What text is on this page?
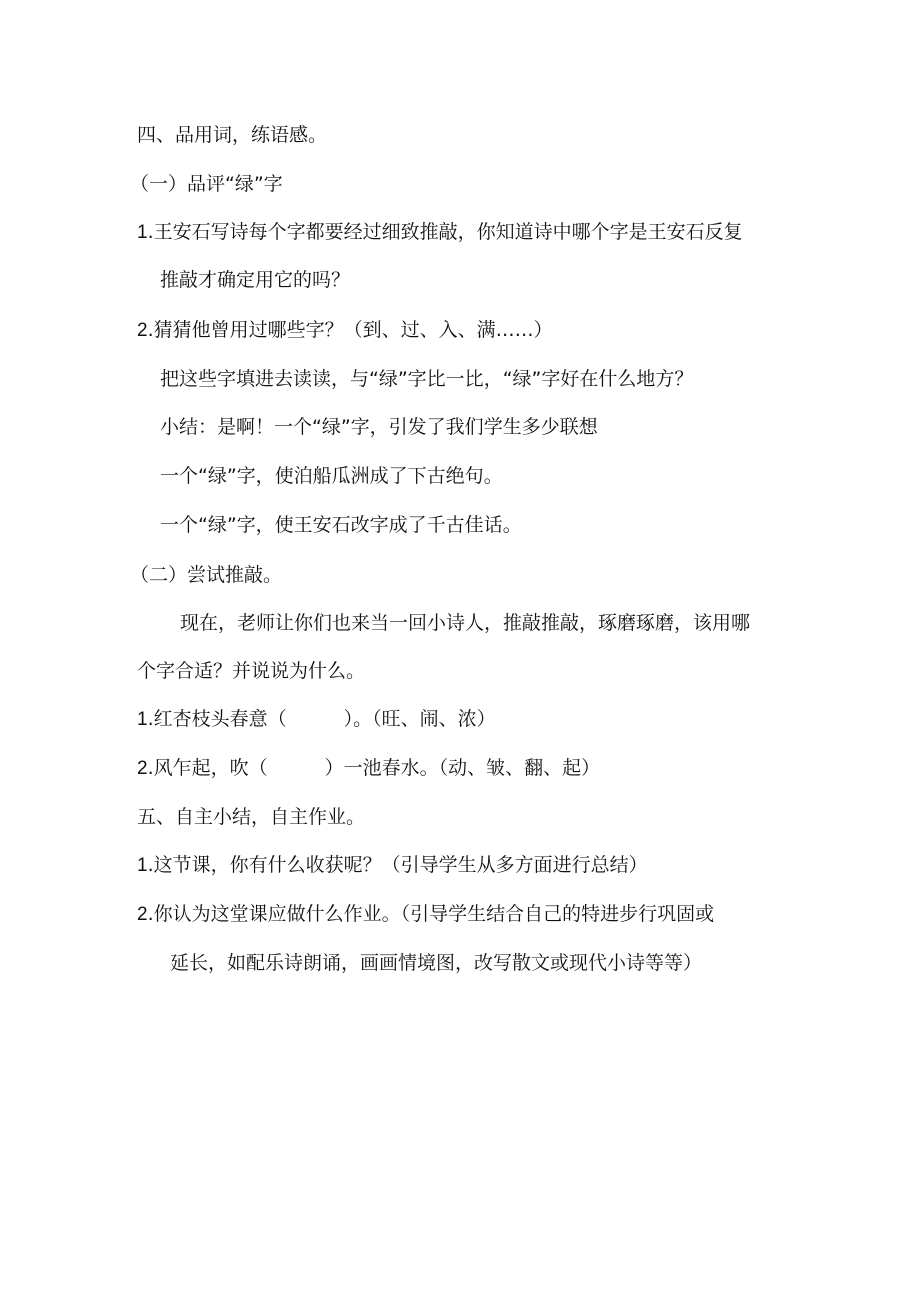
四、品用词，练语感。
（一）品评“绿”字
1.王安石写诗每个字都要经过细致推敲，你知道诗中哪个字是王安石反复
推敲才确定用它的吗？
2.猜猜他曾用过哪些字？（到、过、入、满……）
把这些字填进去读读，与“绿”字比一比，“绿”字好在什么地方？
小结：是啊！一个“绿”字，引发了我们学生多少联想
一个“绿”字，使泊船瓜洲成了下古绝句。
一个“绿”字，使王安石改字成了千古佳话。
（二）尝试推敲。
现在，老师让你们也来当一回小诗人，推敲推敲，琢磨琢磨，该用哪
个字合适？并说说为什么。
1.红杏枝头春意（　　　）。（旺、闹、浓）
2.风乍起，吹（　　　）一池春水。（动、皱、翻、起）
五、自主小结，自主作业。
1.这节课，你有什么收获呢？（引导学生从多方面进行总结）
2.你认为这堂课应做什么作业。（引导学生结合自己的特进步行巩固或
延长，如配乐诗朗诵，画画情境图，改写散文或现代小诗等等）
